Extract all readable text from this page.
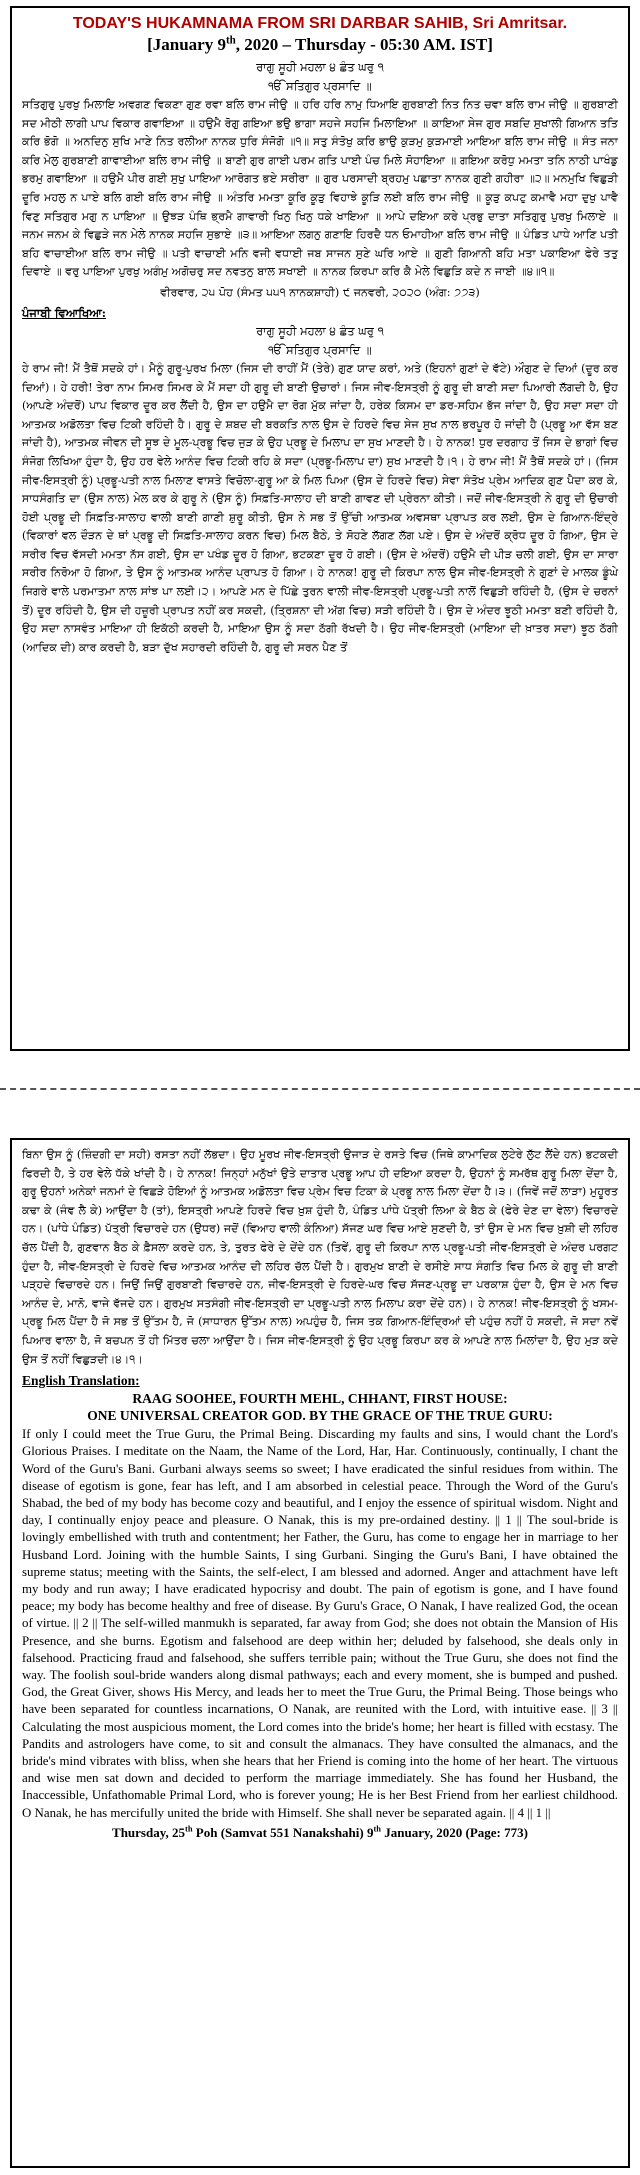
TODAY'S HUKAMNAMA FROM SRI DARBAR SAHIB, Sri Amritsar.
[January 9th, 2020 – Thursday - 05:30 AM. IST]
ਰਾਗੁ ਸੂਹੀ ਮਹਲਾ ੪ ਛੰਤ ਘਰੁ ੧
ੴ ਸਤਿਗੁਰ ਪ੍ਰਸਾਦਿ ॥
ਸਤਿਗੁਰੁ ਪੁਰਖੁ ਮਿਲਾਇ ਅਵਗਣ ਵਿਕਣਾ ਗੁਣ ਰਵਾ ਬਲਿ ਰਾਮ ਜੀਉ ॥ ਹਰਿ ਹਰਿ ਨਾਮੁ ਧਿਆਇ ਗੁਰਬਾਣੀ ਨਿਤ ਨਿਤ ਚਵਾ ਬਲਿ ਰਾਮ ਜੀਉ ॥ ਗੁਰਬਾਣੀ ਸਦ ਮੀਠੀ ਲਾਗੀ ਪਾਪ ਵਿਕਾਰ ਗਵਾਇਆ ॥ ਹਉਮੈ ਰੋਗੁ ਗਇਆ ਭਉ ਭਾਗਾ ਸਹਜੇ ਸਹਜਿ ਮਿਲਾਇਆ ॥ ਕਾਇਆ ਸੇਜ ਗੁਰ ਸਬਦਿ ਸੁਖਾਲੀ ਗਿਆਨ ਤਤਿ ਕਰਿ ਭੋਗੋ ॥ ਅਨਦਿਨੁ ਸੁਖਿ ਮਾਣੇ ਨਿਤ ਰਲੀਆ ਨਾਨਕ ਧੁਰਿ ਸੰਜੋਗੋ ॥੧॥ ਸਤੁ ਸੰਤੋਖੁ ਕਰਿ ਭਾਉ ਕੁੜਮੁ ਕੁੜਮਾਈ ਆਇਆ ਬਲਿ ਰਾਮ ਜੀਉ ॥ ਸੰਤ ਜਨਾ ਕਰਿ ਮੇਲੁ ਗੁਰਬਾਣੀ ਗਾਵਾਈਆ ਬਲਿ ਰਾਮ ਜੀਉ ॥ ਬਾਣੀ ਗੁਰ ਗਾਈ ਪਰਮ ਗਤਿ ਪਾਈ ਪੰਚ ਮਿਲੇ ਸੋਹਾਇਆ ॥ ਗਇਆ ਕਰੋਧੁ ਮਮਤਾ ਤਨਿ ਨਾਠੀ ਪਾਖੰਡੁ ਭਰਮੁ ਗਵਾਇਆ ॥ ਹਉਮੈ ਪੀਰ ਗਈ ਸੁਖੁ ਪਾਇਆ ਆਰੋਗਤ ਭਏ ਸਰੀਰਾ ॥ ਗੁਰ ਪਰਸਾਦੀ ਬ੍ਰਹਮੁ ਪਛਾਤਾ ਨਾਨਕ ਗੁਣੀ ਗਹੀਰਾ ॥੨॥ ਮਨਮੁਖਿ ਵਿਛੁੜੀ ਦੂਰਿ ਮਹਲੁ ਨ ਪਾਏ ਬਲਿ ਗਈ ਬਲਿ ਰਾਮ ਜੀਉ ॥ ਅੰਤਰਿ ਮਮਤਾ ਕੂਰਿ ਕੂੜੁ ਵਿਹਾਝੇ ਕੂੜਿ ਲਈ ਬਲਿ ਰਾਮ ਜੀਉ ॥ ਕੂੜੁ ਕਪਟੁ ਕਮਾਵੈ ਮਹਾ ਦੁਖੁ ਪਾਵੈ ਵਿਣੁ ਸਤਿਗੁਰ ਮਗੁ ਨ ਪਾਇਆ ॥ ਉਝੜ ਪੰਥਿ ਭ੍ਰਮੈ ਗਾਵਾਰੀ ਖਿਨੁ ਖਿਨੁ ਧਕੇ ਖਾਇਆ ॥ ਆਪੇ ਦਇਆ ਕਰੇ ਪ੍ਰਭੁ ਦਾਤਾ ਸਤਿਗੁਰੁ ਪੁਰਖੁ ਮਿਲਾਏ ॥ ਜਨਮ ਜਨਮ ਕੇ ਵਿਛੁੜੇ ਜਨ ਮੇਲੇ ਨਾਨਕ ਸਹਜਿ ਸੁਭਾਏ ॥੩॥ ਆਇਆ ਲਗਨੁ ਗਣਾਇ ਹਿਰਦੈ ਧਨ ਓਮਾਹੀਆ ਬਲਿ ਰਾਮ ਜੀਉ ॥ ਪੰਡਿਤ ਪਾਧੇ ਆਣਿ ਪਤੀ ਬਹਿ ਵਾਚਾਈਆ ਬਲਿ ਰਾਮ ਜੀਉ ॥ ਪਤੀ ਵਾਚਾਈ ਮਨਿ ਵਜੀ ਵਧਾਈ ਜਬ ਸਾਜਨ ਸੁਣੇ ਘਰਿ ਆਏ ॥ ਗੁਣੀ ਗਿਆਨੀ ਬਹਿ ਮਤਾ ਪਕਾਇਆ ਫੇਰੇ ਤਤੁ ਦਿਵਾਏ ॥ ਵਰੁ ਪਾਇਆ ਪੁਰਖੁ ਅਗੰਮੁ ਅਗੋਚਰੁ ਸਦ ਨਵਤਨੁ ਬਾਲ ਸਖਾਈ ॥ ਨਾਨਕ ਕਿਰਪਾ ਕਰਿ ਕੈ ਮੇਲੇ ਵਿਛੁੜਿ ਕਦੇ ਨ ਜਾਈ ॥੪॥੧॥
ਵੀਰਵਾਰ, ੨੫ ਪੋਹ (ਸੰਮਤ ੫੫੧ ਨਾਨਕਸ਼ਾਹੀ) ੯ ਜਨਵਰੀ, ੨੦੨੦ (ਅੰਗ: ੭੭੩)
ਪੰਜਾਬੀ ਵਿਆਖਿਆ:
ਰਾਗੁ ਸੂਹੀ ਮਹਲਾ ੪ ਛੰਤ ਘਰੁ ੧
ੴ ਸਤਿਗੁਰ ਪ੍ਰਸਾਦਿ ॥
ਹੇ ਰਾਮ ਜੀ! ਮੈਂ ਤੈਥੋਂ ਸਦਕੇ ਹਾਂ। ਮੈਨੂੰ ਗੁਰੂ-ਪੁਰਖ ਮਿਲਾ (ਜਿਸ ਦੀ ਰਾਹੀਂ ਮੈਂ (ਤੇਰੇ) ਗੁਣ ਯਾਦ ਕਰਾਂ, ਅਤੇ (ਇਹਨਾਂ ਗੁਣਾਂ ਦੇ ਵੱਟੇ) ਔਗੁਣ ਦੇ ਦਿਆਂ (ਦੂਰ ਕਰ ਦਿਆਂ)। ਹੇ ਹਰੀ! ਤੇਰਾ ਨਾਮ ਸਿਮਰ ਸਿਮਰ ਕੇ ਮੈਂ ਸਦਾ ਹੀ ਗੁਰੂ ਦੀ ਬਾਣੀ ਉਚਾਰਾਂ। ਜਿਸ ਜੀਵ-ਇਸਤ੍ਰੀ ਨੂੰ ਗੁਰੂ ਦੀ ਬਾਣੀ ਸਦਾ ਪਿਆਰੀ ਲੱਗਦੀ ਹੈ, ਉਹ (ਆਪਣੇ ਅੰਦਰੋਂ) ਪਾਪ ਵਿਕਾਰ ਦੂਰ ਕਰ ਲੈਂਦੀ ਹੈ, ਉਸ ਦਾ ਹਉਮੈ ਦਾ ਰੋਗ ਮੁੱਕ ਜਾਂਦਾ ਹੈ, ਹਰੇਕ ਕਿਸਮ ਦਾ ਡਰ-ਸਹਿਮ ਭੱਜ ਜਾਂਦਾ ਹੈ, ਉਹ ਸਦਾ ਸਦਾ ਹੀ ਆਤਮਕ ਅਡੋਲਤਾ ਵਿਚ ਟਿਕੀ ਰਹਿੰਦੀ ਹੈ। ਗੁਰੂ ਦੇ ਸ਼ਬਦ ਦੀ ਬਰਕਤਿ ਨਾਲ ਉਸ ਦੇ ਹਿਰਦੇ ਵਿਚ ਸੇਜ ਸੁਖ ਨਾਲ ਭਰਪੂਰ ਹੋ ਜਾਂਦੀ ਹੈ (ਪ੍ਰਭੂ ਆ ਵੱਸ ਬਣ ਜਾਂਦੀ ਹੈ), ਆਤਮਕ ਜੀਵਨ ਦੀ ਸੂਝ ਦੇ ਮੂਲ-ਪ੍ਰਭੂ ਵਿਚ ਜੁੜ ਕੇ ਉਹ ਪ੍ਰਭੂ ਦੇ ਮਿਲਾਪ ਦਾ ਸੁਖ ਮਾਣਦੀ ਹੈ। ਹੇ ਨਾਨਕ! ਧੁਰ ਦਰਗਾਹ ਤੋਂ ਜਿਸ ਦੇ ਭਾਗਾਂ ਵਿਚ ਸੰਜੋਗ ਲਿਖਿਆ ਹੁੰਦਾ ਹੈ, ਉਹ ਹਰ ਵੇਲੇ ਆਨੰਦ ਵਿਚ ਟਿਕੀ ਰਹਿ ਕੇ ਸਦਾ (ਪ੍ਰਭੂ-ਮਿਲਾਪ ਦਾ) ਸੁਖ ਮਾਣਦੀ ਹੈ।੧। ਹੇ ਰਾਮ ਜੀ! ਮੈਂ ਤੈਥੋਂ ਸਦਕੇ ਹਾਂ। (ਜਿਸ ਜੀਵ-ਇਸਤ੍ਰੀ ਨੂੰ) ਪ੍ਰਭੂ-ਪਤੀ ਨਾਲ ਮਿਲਾਣ ਵਾਸਤੇ ਵਿਚੋਲਾ-ਗੁਰੂ ਆ ਕੇ ਮਿਲ ਪਿਆ (ਉਸ ਦੇ ਹਿਰਦੇ ਵਿਚ) ਸੇਵਾ ਸੰਤੋਖ ਪ੍ਰੇਮ ਆਦਿਕ ਗੁਣ ਪੈਦਾ ਕਰ ਕੇ, ਸਾਧਸੰਗਤਿ ਦਾ (ਉਸ ਨਾਲ) ਮੇਲ ਕਰ ਕੇ ਗੁਰੂ ਨੇ (ਉਸ ਨੂੰ) ਸਿਫ਼ਤਿ-ਸਾਲਾਹ ਦੀ ਬਾਣੀ ਗਾਵਣ ਦੀ ਪ੍ਰੇਰਨਾ ਕੀਤੀ। ਜਦੋਂ ਜੀਵ-ਇਸਤ੍ਰੀ ਨੇ ਗੁਰੂ ਦੀ ਉਚਾਰੀ ਹੋਈ ਪ੍ਰਭੂ ਦੀ ਸਿਫ਼ਤਿ-ਸਾਲਾਹ ਵਾਲੀ ਬਾਣੀ ਗਾਣੀ ਸ਼ੁਰੂ ਕੀਤੀ, ਉਸ ਨੇ ਸਭ ਤੋਂ ਉੱਚੀ ਆਤਮਕ ਅਵਸਥਾ ਪ੍ਰਾਪਤ ਕਰ ਲਈ, ਉਸ ਦੇ ਗਿਆਨ-ਇੰਦ੍ਰੇ (ਵਿਕਾਰਾਂ ਵਲ ਦੌੜਨ ਦੇ ਥਾਂ ਪ੍ਰਭੂ ਦੀ ਸਿਫ਼ਤਿ-ਸਾਲਾਹ ਕਰਨ ਵਿਚ) ਮਿਲ ਬੈਠੇ, ਤੇ ਸੋਹਣੇ ਲੱਗਣ ਲੱਗ ਪਏ। ਉਸ ਦੇ ਅੰਦਰੋਂ ਕ੍ਰੋਧ ਦੂਰ ਹੋ ਗਿਆ, ਉਸ ਦੇ ਸਰੀਰ ਵਿਚ ਵੱਸਦੀ ਮਮਤਾ ਨੱਸ ਗਈ, ਉਸ ਦਾ ਪਖੰਡ ਦੂਰ ਹੋ ਗਿਆ, ਭਟਕਣਾ ਦੂਰ ਹੋ ਗਈ। (ਉਸ ਦੇ ਅੰਦਰੋਂ) ਹਉਮੈ ਦੀ ਪੀੜ ਚਲੀ ਗਈ, ਉਸ ਦਾ ਸਾਰਾ ਸਰੀਰ ਨਿਰੋਆ ਹੋ ਗਿਆ, ਤੇ ਉਸ ਨੂੰ ਆਤਮਕ ਆਨੰਦ ਪ੍ਰਾਪਤ ਹੋ ਗਿਆ। ਹੇ ਨਾਨਕ! ਗੁਰੂ ਦੀ ਕਿਰਪਾ ਨਾਲ ਉਸ ਜੀਵ-ਇਸਤ੍ਰੀ ਨੇ ਗੁਣਾਂ ਦੇ ਮਾਲਕ ਡੂੰਘੇ ਜਿਗਰੇ ਵਾਲੇ ਪਰਮਾਤਮਾ ਨਾਲ ਸਾਂਝ ਪਾ ਲਈ।੨। ਆਪਣੇ ਮਨ ਦੇ ਪਿੱਛੇ ਤੁਰਨ ਵਾਲੀ ਜੀਵ-ਇਸਤ੍ਰੀ ਪ੍ਰਭੂ-ਪਤੀ ਨਾਲੋਂ ਵਿਛੁੜੀ ਰਹਿੰਦੀ ਹੈ, (ਉਸ ਦੇ ਚਰਨਾਂ ਤੋਂ) ਦੂਰ ਰਹਿੰਦੀ ਹੈ, ਉਸ ਦੀ ਹਜ਼ੂਰੀ ਪ੍ਰਾਪਤ ਨਹੀਂ ਕਰ ਸਕਦੀ, (ਤ੍ਰਿਸ਼ਨਾ ਦੀ ਅੱਗ ਵਿਚ) ਸੜੀ ਰਹਿੰਦੀ ਹੈ। ਉਸ ਦੇ ਅੰਦਰ ਝੂਠੀ ਮਮਤਾ ਬਣੀ ਰਹਿੰਦੀ ਹੈ, ਉਹ ਸਦਾ ਨਾਸਵੰਤ ਮਾਇਆ ਹੀ ਇਕੱਠੀ ਕਰਦੀ ਹੈ, ਮਾਇਆ ਉਸ ਨੂੰ ਸਦਾ ਠੱਗੀ ਰੱਖਦੀ ਹੈ। ਉਹ ਜੀਵ-ਇਸਤ੍ਰੀ (ਮਾਇਆ ਦੀ ਖ਼ਾਤਰ ਸਦਾ) ਝੂਠ ਠੱਗੀ (ਆਦਿਕ ਦੀ) ਕਾਰ ਕਰਦੀ ਹੈ, ਬੜਾ ਦੁੱਖ ਸਹਾਰਦੀ ਰਹਿੰਦੀ ਹੈ, ਗੁਰੂ ਦੀ ਸਰਨ ਪੈਣ ਤੋਂ
ਬਿਨਾ ਉਸ ਨੂੰ (ਜ਼ਿੰਦਗੀ ਦਾ ਸਹੀ) ਰਸਤਾ ਨਹੀਂ ਲੱਭਦਾ। ਉਹ ਮੂਰਖ ਜੀਵ-ਇਸਤ੍ਰੀ ਉਜਾੜ ਦੇ ਰਸਤੇ ਵਿਚ (ਜਿਥੇ ਕਾਮਾਦਿਕ ਲੁਟੇਰੇ ਲੁੱਟ ਲੈਂਦੇ ਹਨ) ਭਟਕਦੀ ਫਿਰਦੀ ਹੈ, ਤੇ ਹਰ ਵੇਲੇ ਧੱਕੇ ਖਾਂਦੀ ਹੈ। ਹੇ ਨਾਨਕ! ਜਿਨ੍ਹਾਂ ਮਨੁੱਖਾਂ ਉਤੇ ਦਾਤਾਰ ਪ੍ਰਭੂ ਆਪ ਹੀ ਦਇਆ ਕਰਦਾ ਹੈ, ਉਹਨਾਂ ਨੂੰ ਸਮਰੱਥ ਗੁਰੂ ਮਿਲਾ ਦੇਂਦਾ ਹੈ, ਗੁਰੂ ਉਹਨਾਂ ਅਨੇਕਾਂ ਜਨਮਾਂ ਦੇ ਵਿਛੜੇ ਹੋਇਆਂ ਨੂੰ ਆਤਮਕ ਅਡੋਲਤਾ ਵਿਚ ਪ੍ਰੇਮ ਵਿਚ ਟਿਕਾ ਕੇ ਪ੍ਰਭੂ ਨਾਲ ਮਿਲਾ ਦੇਂਦਾ ਹੈ।੩। (ਜਿਵੇਂ ਜਦੋਂ ਲਾੜਾ) ਮੁਹੂਰਤ ਕਢਾ ਕੇ (ਜੰਞ ਲੈ ਕੇ) ਆਉਂਦਾ ਹੈ (ਤਾਂ), ਇਸਤ੍ਰੀ ਆਪਣੇ ਹਿਰਦੇ ਵਿਚ ਖ਼ੁਸ਼ ਹੁੰਦੀ ਹੈ, ਪੰਡਿਤ ਪਾਂਧੇ ਪੱਤ੍ਰੀ ਲਿਆ ਕੇ ਬੈਠ ਕੇ (ਫੇਰੇ ਦੇਣ ਦਾ ਵੇਲਾ) ਵਿਚਾਰਦੇ ਹਨ। (ਪਾਂਧੇ ਪੰਡਿਤ) ਪੱਤ੍ਰੀ ਵਿਚਾਰਦੇ ਹਨ (ਉਧਰ) ਜਦੋਂ (ਵਿਆਹ ਵਾਲੀ ਕੰਨਿਆ) ਸੱਜਣ ਘਰ ਵਿਚ ਆਏ ਸੁਣਦੀ ਹੈ, ਤਾਂ ਉਸ ਦੇ ਮਨ ਵਿਚ ਖ਼ੁਸ਼ੀ ਦੀ ਲਹਿਰ ਚੱਲ ਪੈਂਦੀ ਹੈ, ਗੁਣਵਾਨ ਬੈਠ ਕੇ ਫ਼ੈਸਲਾ ਕਰਦੇ ਹਨ, ਤੇ, ਤੁਰਤ ਫੇਰੇ ਦੇ ਦੇਂਦੇ ਹਨ (ਤਿਵੇਂ, ਗੁਰੂ ਦੀ ਕਿਰਪਾ ਨਾਲ ਪ੍ਰਭੂ-ਪਤੀ ਜੀਵ-ਇਸਤ੍ਰੀ ਦੇ ਅੰਦਰ ਪਰਗਟ ਹੁੰਦਾ ਹੈ, ਜੀਵ-ਇਸਤ੍ਰੀ ਦੇ ਹਿਰਦੇ ਵਿਚ ਆਤਮਕ ਆਨੰਦ ਦੀ ਲਹਿਰ ਚੱਲ ਪੈਂਦੀ ਹੈ। ਗੁਰਮੁਖ ਬਾਣੀ ਦੇ ਰਸੀਏ ਸਾਧ ਸੰਗਤਿ ਵਿਚ ਮਿਲ ਕੇ ਗੁਰੂ ਦੀ ਬਾਣੀ ਪੜ੍ਹਦੇ ਵਿਚਾਰਦੇ ਹਨ। ਜਿਉਂ ਜਿਉਂ ਗੁਰਬਾਣੀ ਵਿਚਾਰਦੇ ਹਨ, ਜੀਵ-ਇਸਤ੍ਰੀ ਦੇ ਹਿਰਦੇ-ਘਰ ਵਿਚ ਸੱਜਣ-ਪ੍ਰਭੂ ਦਾ ਪਰਕਾਸ਼ ਹੁੰਦਾ ਹੈ, ਉਸ ਦੇ ਮਨ ਵਿਚ ਆਨੰਦ ਦੇ, ਮਾਨੋ, ਵਾਜੇ ਵੱਜਦੇ ਹਨ। ਗੁਰਮੁਖ ਸਤਸੰਗੀ ਜੀਵ-ਇਸਤ੍ਰੀ ਦਾ ਪ੍ਰਭੂ-ਪਤੀ ਨਾਲ ਮਿਲਾਪ ਕਰਾ ਦੇਂਦੇ ਹਨ)। ਹੇ ਨਾਨਕ! ਜੀਵ-ਇਸਤ੍ਰੀ ਨੂੰ ਖਸਮ-ਪ੍ਰਭੂ ਮਿਲ ਪੈਂਦਾ ਹੈ ਜੋ ਸਭ ਤੋਂ ਉੱਤਮ ਹੈ, ਜੋ (ਸਾਧਾਰਨ ਉੱਤਮ ਨਾਲ) ਅਪਹੁੰਚ ਹੈ, ਜਿਸ ਤਕ ਗਿਆਨ-ਇੰਦ੍ਰਿਆਂ ਦੀ ਪਹੁੰਚ ਨਹੀਂ ਹੋ ਸਕਦੀ, ਜੋ ਸਦਾ ਨਵੇਂ ਪਿਆਰ ਵਾਲਾ ਹੈ, ਜੋ ਬਚਪਨ ਤੋਂ ਹੀ ਮਿੱਤਰ ਚਲਾ ਆਉਂਦਾ ਹੈ। ਜਿਸ ਜੀਵ-ਇਸਤ੍ਰੀ ਨੂੰ ਉਹ ਪ੍ਰਭੂ ਕਿਰਪਾ ਕਰ ਕੇ ਆਪਣੇ ਨਾਲ ਮਿਲਾਂਦਾ ਹੈ, ਉਹ ਮੁੜ ਕਦੇ ਉਸ ਤੋਂ ਨਹੀਂ ਵਿਛੁੜਦੀ।੪।੧।
English Translation:
RAAG SOOHEE, FOURTH MEHL, CHHANT, FIRST HOUSE:
ONE UNIVERSAL CREATOR GOD. BY THE GRACE OF THE TRUE GURU:
If only I could meet the True Guru, the Primal Being. Discarding my faults and sins, I would chant the Lord's Glorious Praises. I meditate on the Naam, the Name of the Lord, Har, Har. Continuously, continually, I chant the Word of the Guru's Bani. Gurbani always seems so sweet; I have eradicated the sinful residues from within. The disease of egotism is gone, fear has left, and I am absorbed in celestial peace. Through the Word of the Guru's Shabad, the bed of my body has become cozy and beautiful, and I enjoy the essence of spiritual wisdom. Night and day, I continually enjoy peace and pleasure. O Nanak, this is my pre-ordained destiny. || 1 || The soul-bride is lovingly embellished with truth and contentment; her Father, the Guru, has come to engage her in marriage to her Husband Lord. Joining with the humble Saints, I sing Gurbani. Singing the Guru's Bani, I have obtained the supreme status; meeting with the Saints, the self-elect, I am blessed and adorned. Anger and attachment have left my body and run away; I have eradicated hypocrisy and doubt. The pain of egotism is gone, and I have found peace; my body has become healthy and free of disease. By Guru's Grace, O Nanak, I have realized God, the ocean of virtue. || 2 || The self-willed manmukh is separated, far away from God; she does not obtain the Mansion of His Presence, and she burns. Egotism and falsehood are deep within her; deluded by falsehood, she deals only in falsehood. Practicing fraud and falsehood, she suffers terrible pain; without the True Guru, she does not find the way. The foolish soul-bride wanders along dismal pathways; each and every moment, she is bumped and pushed. God, the Great Giver, shows His Mercy, and leads her to meet the True Guru, the Primal Being. Those beings who have been separated for countless incarnations, O Nanak, are reunited with the Lord, with intuitive ease. || 3 || Calculating the most auspicious moment, the Lord comes into the bride's home; her heart is filled with ecstasy. The Pandits and astrologers have come, to sit and consult the almanacs. They have consulted the almanacs, and the bride's mind vibrates with bliss, when she hears that her Friend is coming into the home of her heart. The virtuous and wise men sat down and decided to perform the marriage immediately. She has found her Husband, the Inaccessible, Unfathomable Primal Lord, who is forever young; He is her Best Friend from her earliest childhood. O Nanak, he has mercifully united the bride with Himself. She shall never be separated again. || 4 || 1 ||
Thursday, 25th Poh (Samvat 551 Nanakshahi) 9th January, 2020 (Page: 773)
